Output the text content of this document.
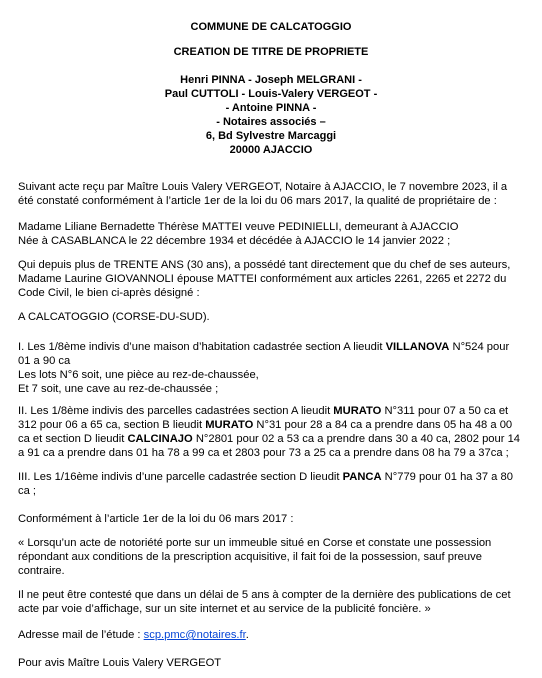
COMMUNE DE CALCATOGGIO
CREATION DE TITRE DE PROPRIETE
Henri PINNA - Joseph MELGRANI -
Paul CUTTOLI - Louis-Valery VERGEOT -
- Antoine PINNA -
- Notaires associés –
6, Bd Sylvestre Marcaggi
20000 AJACCIO
Suivant acte reçu par Maître Louis Valery VERGEOT, Notaire à AJACCIO, le 7 novembre 2023, il a
été constaté conformément à l’article 1er de la loi du 06 mars 2017, la qualité de propriétaire de :
Madame Liliane Bernadette Thérèse MATTEI veuve PEDINIELLI, demeurant à AJACCIO
Née à CASABLANCA le 22 décembre 1934 et décédée à AJACCIO le 14 janvier 2022 ;
Qui depuis plus de TRENTE ANS (30 ans), a possédé tant directement que du chef de ses auteurs,
Madame Laurine GIOVANNOLI épouse MATTEI conformément aux articles 2261, 2265 et 2272 du
Code Civil, le bien ci-après désigné :
A CALCATOGGIO (CORSE-DU-SUD).
I. Les 1/8ème indivis d’une maison d’habitation cadastrée section A lieudit VILLANOVA N°524 pour
01 a 90 ca
Les lots N°6 soit, une pièce au rez-de-chaussée,
Et 7 soit, une cave au rez-de-chaussée ;
II. Les 1/8ème indivis des parcelles cadastrées section A lieudit MURATO N°311 pour 07 a 50 ca et
312 pour 06 a 65 ca, section B lieudit MURATO N°31 pour 28 a 84 ca a prendre dans 05 ha 48 a 00
ca et section D lieudit CALCINAJO N°2801 pour 02 a 53 ca a prendre dans 30 a 40 ca, 2802 pour 14
a 91 ca a prendre dans 01 ha 78 a 99 ca et 2803 pour 73 a 25 ca a prendre dans 08 ha 79 a 37ca ;
III. Les 1/16ème indivis d’une parcelle cadastrée section D lieudit PANCA N°779 pour 01 ha 37 a 80
ca ;
Conformément à l’article 1er de la loi du 06 mars 2017 :
« Lorsqu’un acte de notoriété porte sur un immeuble situé en Corse et constate une possession
répondant aux conditions de la prescription acquisitive, il fait foi de la possession, sauf preuve
contraire.
Il ne peut être contesté que dans un délai de 5 ans à compter de la dernière des publications de cet
acte par voie d’affichage, sur un site internet et au service de la publicité foncière. »
Adresse mail de l’étude : scp.pmc@notaires.fr.
Pour avis Maître Louis Valery VERGEOT
